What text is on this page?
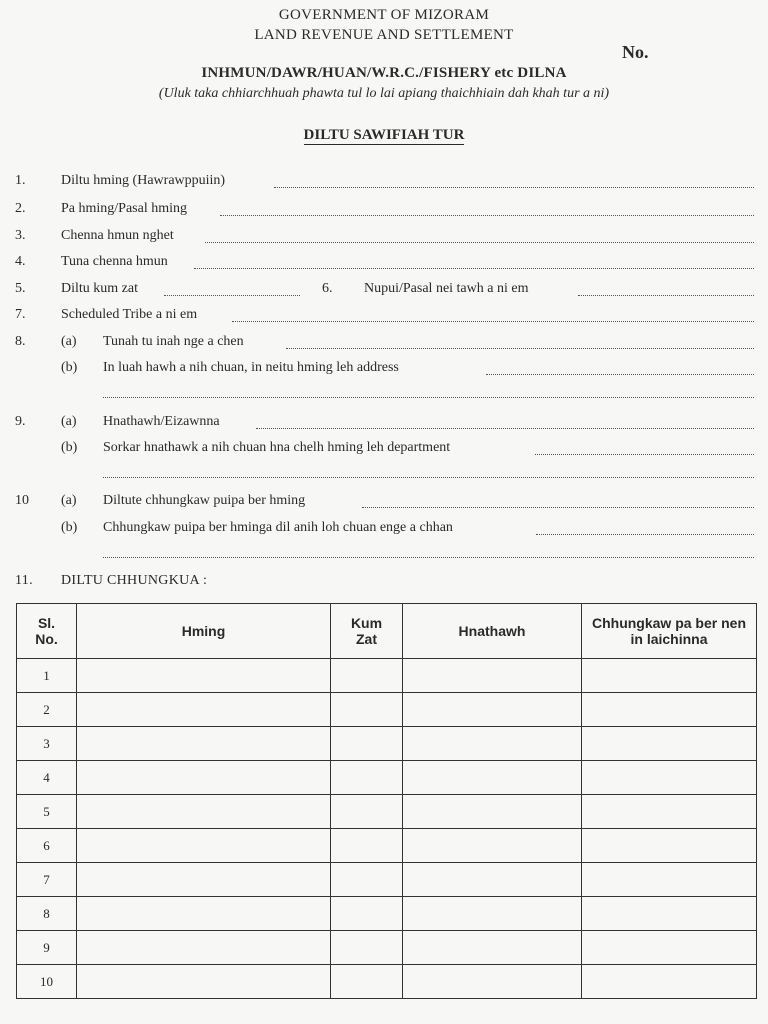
GOVERNMENT OF MIZORAM
LAND REVENUE AND SETTLEMENT
No.
INHMUN/DAWR/HUAN/W.R.C./FISHERY etc DILNA
(Uluk taka chhiarchhuah phawta tul lo lai apiang thaichhiain dah khah tur a ni)
DILTU SAWIFIAH TUR
1.	Diltu hming (Hawrawppuiin)
2.	Pa hming/Pasal hming
3.	Chenna hmun nghet
4.	Tuna chenna hmun
5.	Diltu kum zat	6. Nupui/Pasal nei tawh a ni em
7.	Scheduled Tribe a ni em
8.	(a) Tunah tu inah nge a chen
(b) In luah hawh a nih chuan, in neitu hming leh address
9.	(a) Hnathawh/Eizawnna
(b) Sorkar hnathawk a nih chuan hna chelh hming leh department
10 (a) Diltute chhungkaw puipa ber hming
(b) Chhungkaw puipa ber hminga dil anih loh chuan enge a chhan
11. DILTU CHHUNGKUA :
Sl. No.	Hming	Kum Zat	Hnathawh	Chhungkaw pa ber nen in laichinna
1				
2				
3				
4				
5				
6				
7				
8				
9				
10				
